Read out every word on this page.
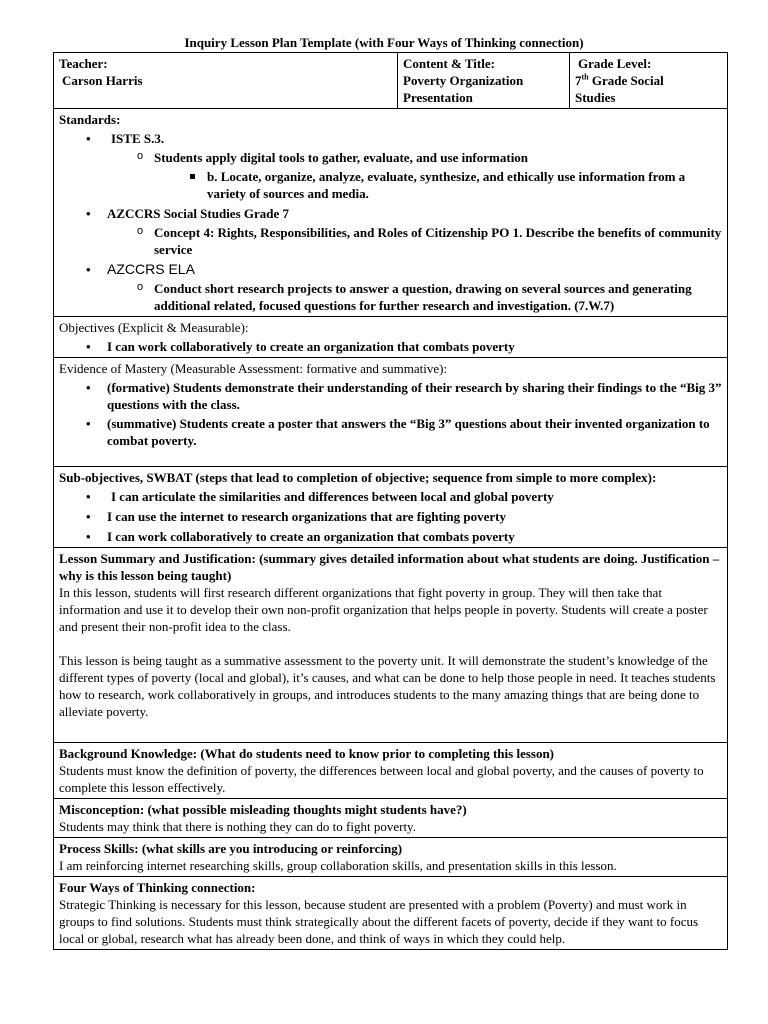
Inquiry Lesson Plan Template (with Four Ways of Thinking connection)
Teacher:
Carson Harris

Content & Title:
Poverty Organization
Presentation

Grade Level:
7th Grade Social
Studies

Standards:
• ISTE S.3.
o Students apply digital tools to gather, evaluate, and use information
b. Locate, organize, analyze, evaluate, synthesize, and ethically use information from a variety of sources and media.
• AZCCRS Social Studies Grade 7
o Concept 4: Rights, Responsibilities, and Roles of Citizenship PO 1. Describe the benefits of community service
• AZCCRS ELA
o Conduct short research projects to answer a question, drawing on several sources and generating additional related, focused questions for further research and investigation. (7.W.7)

Objectives (Explicit & Measurable):
• I can work collaboratively to create an organization that combats poverty

Evidence of Mastery (Measurable Assessment: formative and summative):
• (formative) Students demonstrate their understanding of their research by sharing their findings to the “Big 3” questions with the class.
• (summative) Students create a poster that answers the “Big 3” questions about their invented organization to combat poverty.

Sub-objectives, SWBAT (steps that lead to completion of objective; sequence from simple to more complex):
• I can articulate the similarities and differences between local and global poverty
• I can use the internet to research organizations that are fighting poverty
• I can work collaboratively to create an organization that combats poverty

Lesson Summary and Justification: (summary gives detailed information about what students are doing. Justification – why is this lesson being taught)

In this lesson, students will first research different organizations that fight poverty in group. They will then take that information and use it to develop their own non-profit organization that helps people in poverty. Students will create a poster and present their non-profit idea to the class.

This lesson is being taught as a summative assessment to the poverty unit. It will demonstrate the student’s knowledge of the different types of poverty (local and global), it’s causes, and what can be done to help those people in need. It teaches students how to research, work collaboratively in groups, and introduces students to the many amazing things that are being done to alleviate poverty.

Background Knowledge: (What do students need to know prior to completing this lesson)

Students must know the definition of poverty, the differences between local and global poverty, and the causes of poverty to complete this lesson effectively.

Misconception: (what possible misleading thoughts might students have?)

Students may think that there is nothing they can do to fight poverty.

Process Skills: (what skills are you introducing or reinforcing)

I am reinforcing internet researching skills, group collaboration skills, and presentation skills in this lesson.

Four Ways of Thinking connection:

Strategic Thinking is necessary for this lesson, because student are presented with a problem (Poverty) and must work in groups to find solutions. Students must think strategically about the different facets of poverty, decide if they want to focus local or global, research what has already been done, and think of ways in which they could help.
